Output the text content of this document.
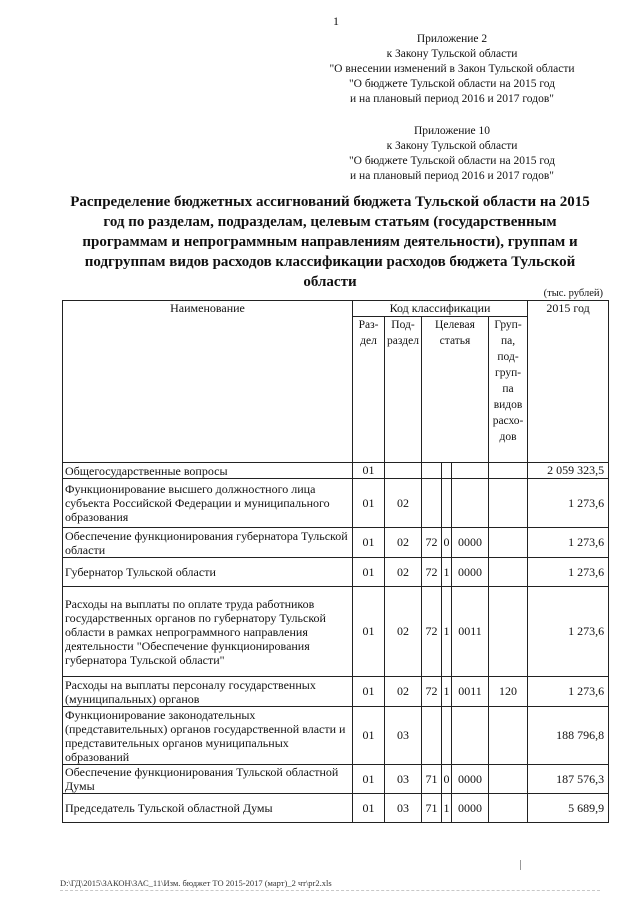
1
Приложение 2
к Закону Тульской области
"О внесении изменений в Закон Тульской области
"О бюджете Тульской области на 2015 год
и на плановый период 2016 и 2017 годов"
Приложение 10
к Закону Тульской области
"О бюджете Тульской области на 2015 год
и на плановый период 2016 и 2017 годов"
Распределение бюджетных ассигнований бюджета Тульской области на 2015
год по разделам, подразделам, целевым статьям (государственным
программам и непрограммным направлениям деятельности), группам и
подгруппам видов расходов классификации расходов бюджета Тульской
области
(тыс. рублей)
Наименование	Код классификации						2015 год
	Раз-дел	Под-раздел	Целевая статья			Груп-па, под-груп-па видов расхо-дов	
Общегосударственные вопросы	01						2 059 323,5
Функционирование высшего должностного лица субъекта Российской Федерации и муниципального образования	01	02					1 273,6
Обеспечение функционирования губернатора Тульской области	01	02	72	0	0000		1 273,6
Губернатор Тульской области	01	02	72	1	0000		1 273,6
Расходы на выплаты по оплате труда работников государственных органов по губернатору Тульской области в рамках непрограммного направления деятельности "Обеспечение функционирования губернатора Тульской области"	01	02	72	1	0011		1 273,6
Расходы на выплаты персоналу государственных (муниципальных) органов	01	02	72	1	0011	120	1 273,6
Функционирование законодательных (представительных) органов государственной власти и представительных органов муниципальных образований	01	03					188 796,8
Обеспечение функционирования Тульской областной Думы	01	03	71	0	0000		187 576,3
Председатель Тульской областной Думы	01	03	71	1	0000		5 689,9
D:\ГД\2015\ЗАКОН\ЗАС_11\Изм. бюджет ТО 2015-2017 (март)_2 чт\pr2.xls
